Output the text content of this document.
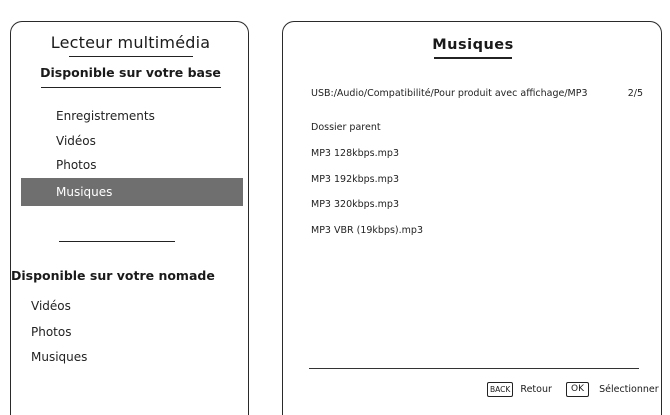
Lecteur multimédia
Disponible sur votre base
Enregistrements
Vidéos
Photos
Musiques
Disponible sur votre nomade
Vidéos
Photos
Musiques
Musiques
USB:/Audio/Compatibilité/Pour produit avec affichage/MP3	2/5
Dossier parent
MP3 128kbps.mp3
MP3 192kbps.mp3
MP3 320kbps.mp3
MP3 VBR (19kbps).mp3
BACK Retour	OK Sélectionner
